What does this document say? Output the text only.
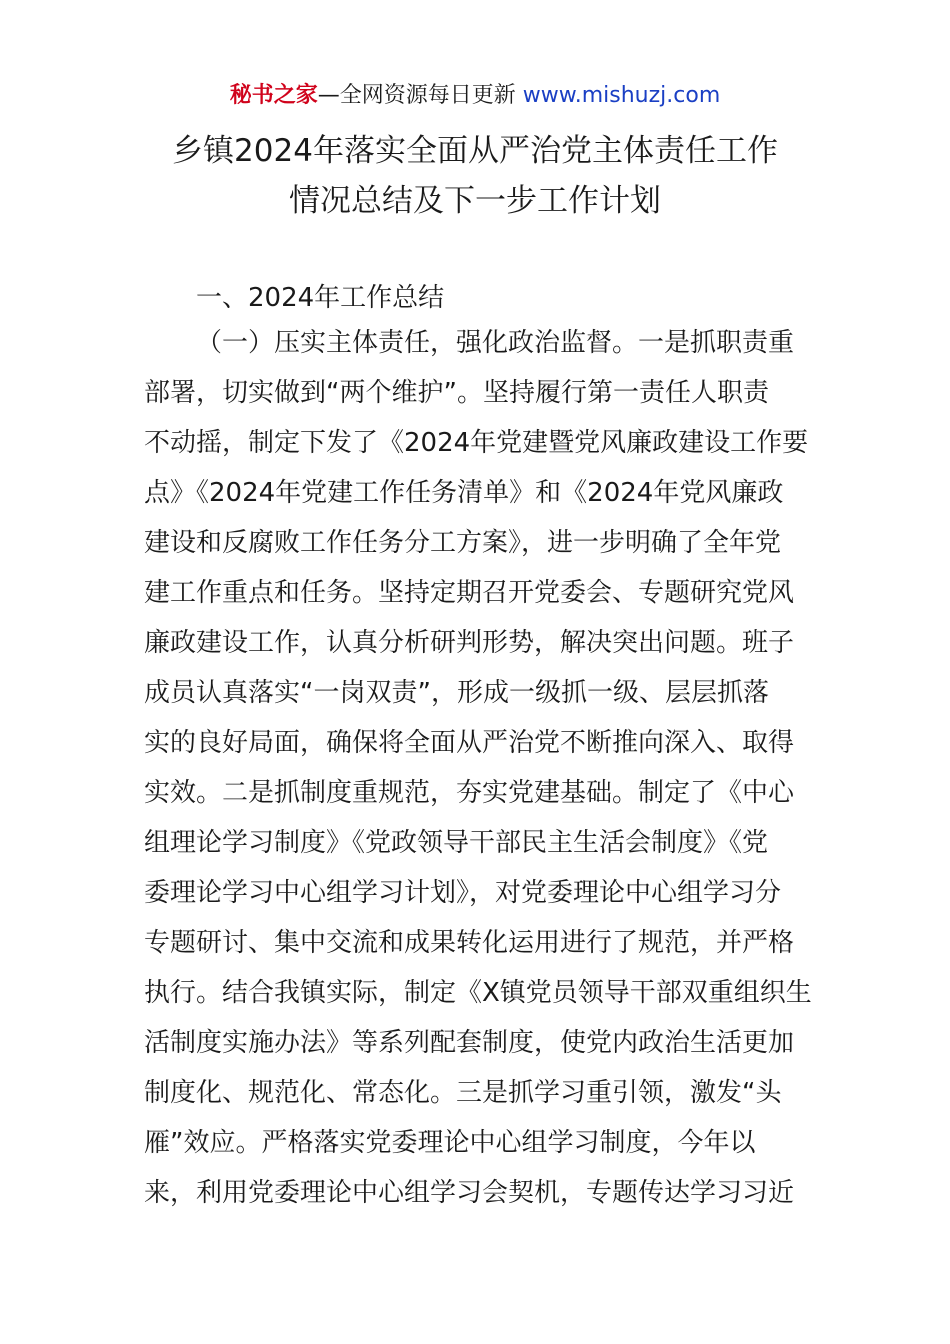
秘书之家—全网资源每日更新 www.mishuzj.com
乡镇2024年落实全面从严治党主体责任工作
情况总结及下一步工作计划
一、2024年工作总结
（一）压实主体责任，强化政治监督。一是抓职责重
部署，切实做到“两个维护”。坚持履行第一责任人职责
不动摇，制定下发了《2024年党建暨党风廉政建设工作要
点》《2024年党建工作任务清单》和《2024年党风廉政
建设和反腐败工作任务分工方案》，进一步明确了全年党
建工作重点和任务。坚持定期召开党委会、专题研究党风
廉政建设工作，认真分析研判形势，解决突出问题。班子
成员认真落实“一岗双责”，形成一级抓一级、层层抓落
实的良好局面，确保将全面从严治党不断推向深入、取得
实效。二是抓制度重规范，夯实党建基础。制定了《中心
组理论学习制度》《党政领导干部民主生活会制度》《党
委理论学习中心组学习计划》，对党委理论中心组学习分
专题研讨、集中交流和成果转化运用进行了规范，并严格
执行。结合我镇实际，制定《X镇党员领导干部双重组织生
活制度实施办法》等系列配套制度，使党内政治生活更加
制度化、规范化、常态化。三是抓学习重引领，激发“头
雁”效应。严格落实党委理论中心组学习制度，今年以
来，利用党委理论中心组学习会契机，专题传达学习习近
